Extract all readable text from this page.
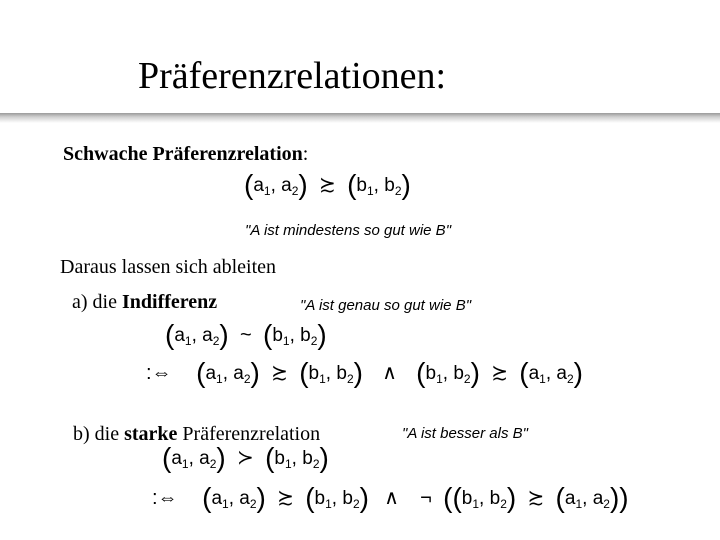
Präferenzrelationen:
Schwache Präferenzrelation:
($a_1$, $a_2$) ≿ ($b_1$, $b_2$)
"A ist mindestens so gut wie B"
Daraus lassen sich ableiten
a) die Indifferenz	"A ist genau so gut wie B"
($a_1$, $a_2$) ~ ($b_1$, $b_2$)
:⇔ ($a_1$, $a_2$) ≿ ($b_1$, $b_2$) ∧ ($b_1$, $b_2$) ≿ ($a_1$, $a_2$)
b) die starke Präferenzrelation	"A ist besser als B"
($a_1$, $a_2$) ≻ ($b_1$, $b_2$)
:⇔ ($a_1$, $a_2$) ≿ ($b_1$, $b_2$) ∧ ¬ (($b_1$, $b_2$) ≿ ($a_1$, $a_2$))
